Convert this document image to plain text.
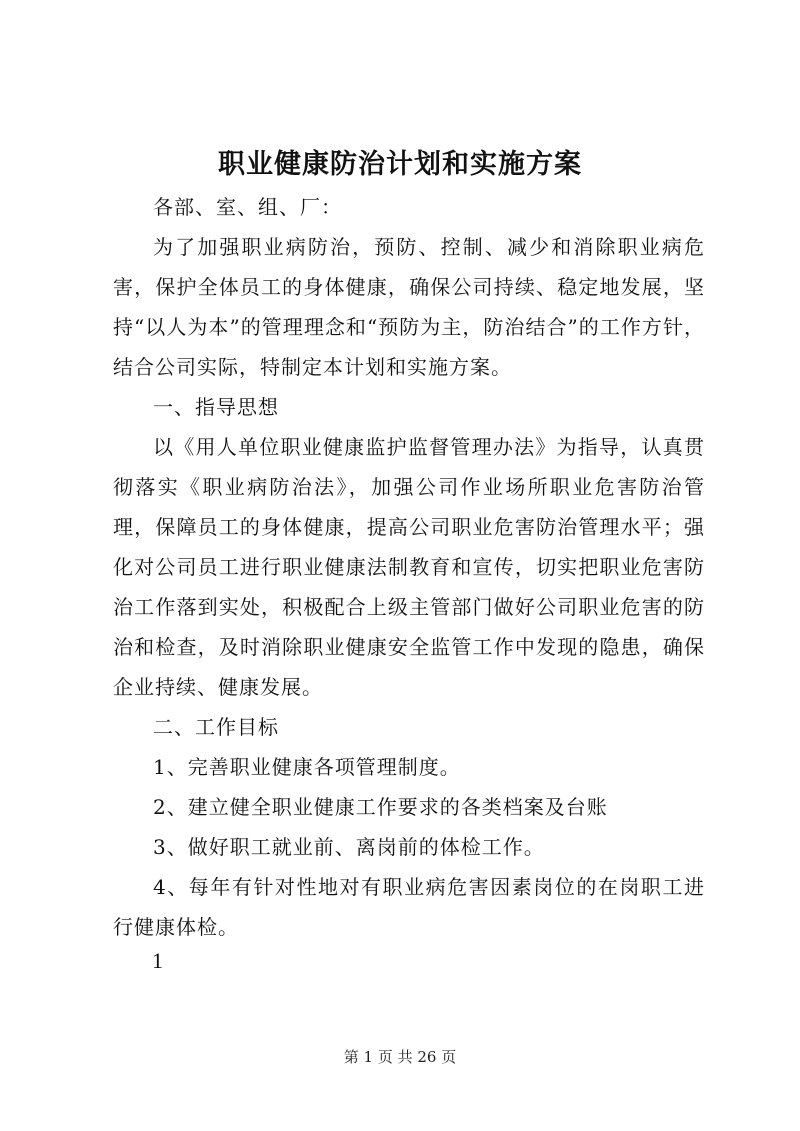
职业健康防治计划和实施方案

各部、室、组、厂：

为了加强职业病防治，预防、控制、减少和消除职业病危害，保护全体员工的身体健康，确保公司持续、稳定地发展，坚持“以人为本”的管理理念和“预防为主，防治结合”的工作方针，结合公司实际，特制定本计划和实施方案。

一、指导思想

以《用人单位职业健康监护监督管理办法》为指导，认真贯彻落实《职业病防治法》，加强公司作业场所职业危害防治管理，保障员工的身体健康，提高公司职业危害防治管理水平；强化对公司员工进行职业健康法制教育和宣传，切实把职业危害防治工作落到实处，积极配合上级主管部门做好公司职业危害的防治和检查，及时消除职业健康安全监管工作中发现的隐患，确保企业持续、健康发展。

二、工作目标

1、完善职业健康各项管理制度。

2、建立健全职业健康工作要求的各类档案及台账

3、做好职工就业前、离岗前的体检工作。

4、每年有针对性地对有职业病危害因素岗位的在岗职工进行健康体检。

1
第 1 页 共 26 页
